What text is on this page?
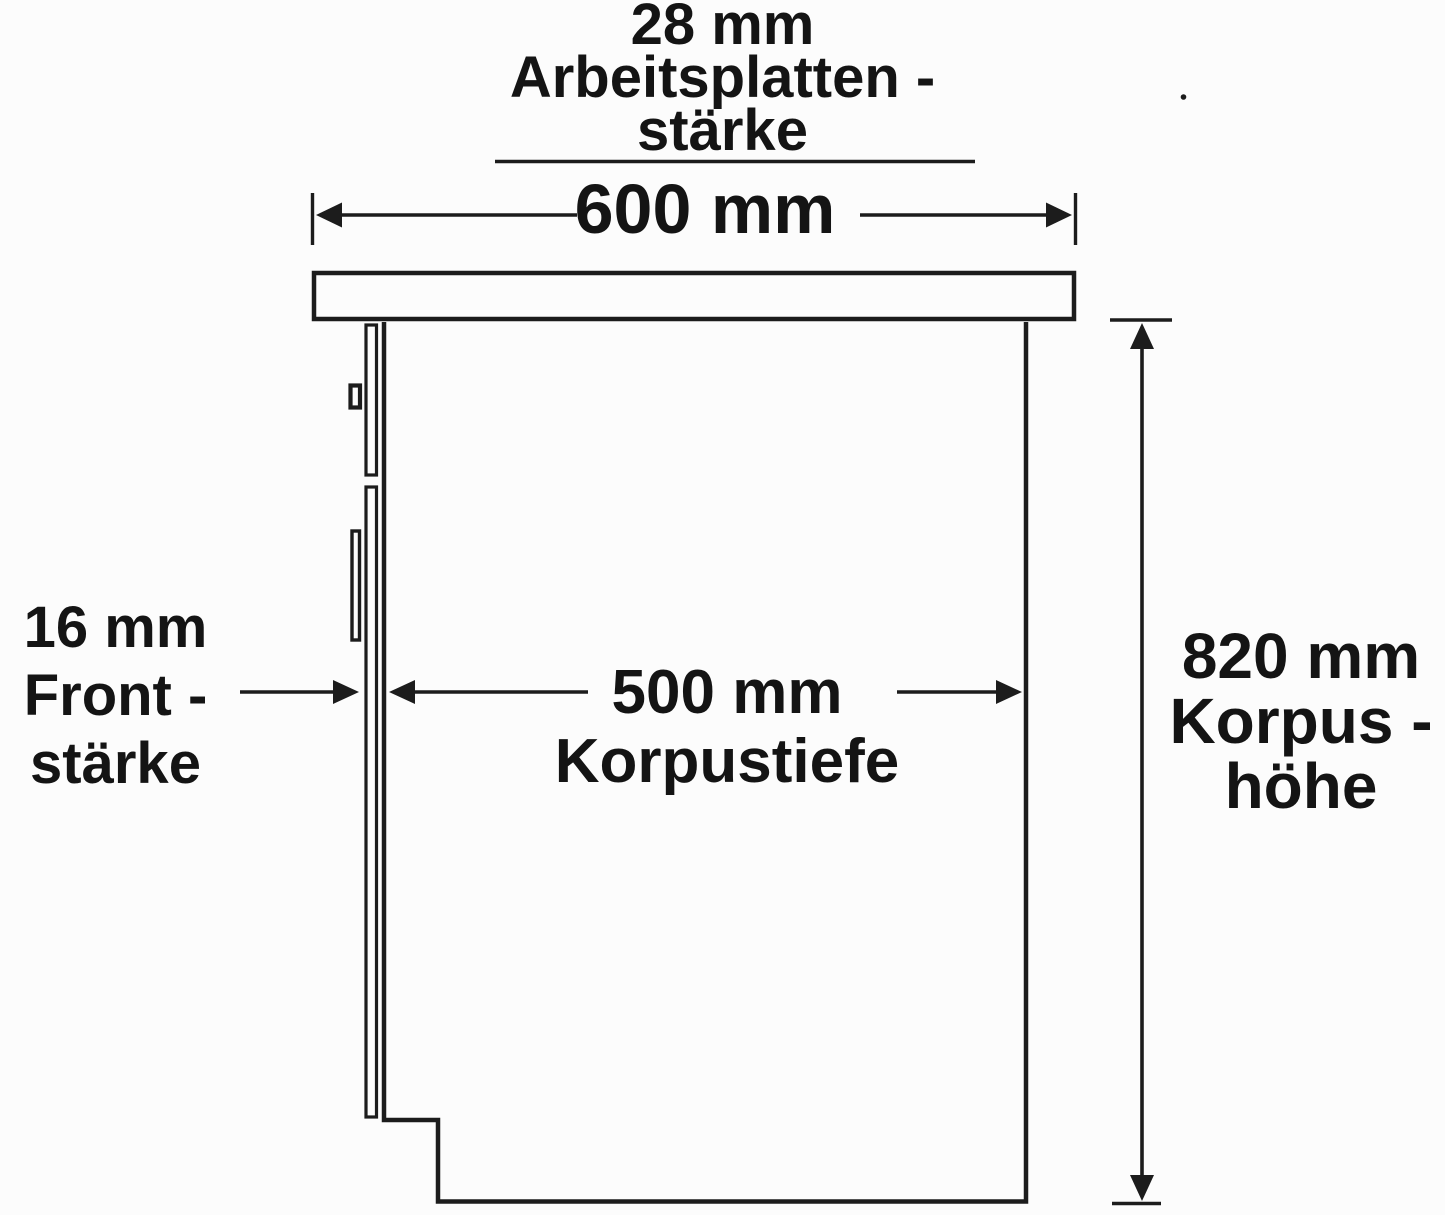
28 mm
Arbeitsplatten -
stärke
600 mm
16 mm
Front -
stärke
500 mm
Korpustiefe
820 mm
Korpus -
höhe
